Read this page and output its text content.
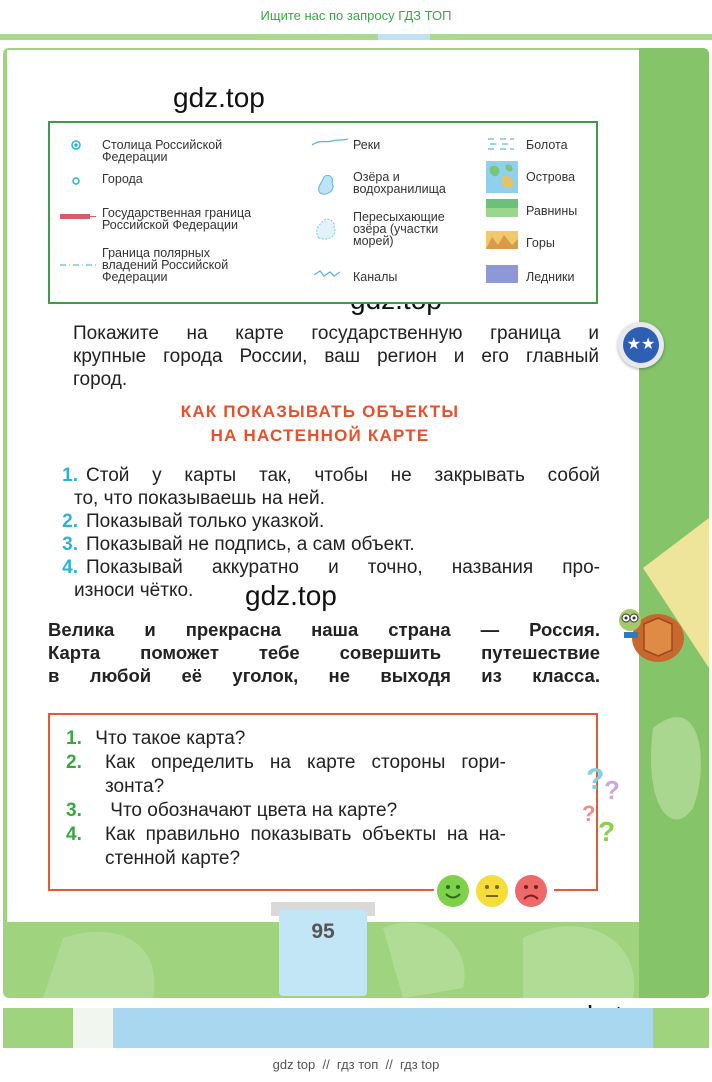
Ищите нас по запросу ГДЗ ТОП
gdz.top
gdz.top
Столица Российской
Федерации
Города
Государственная граница
Российской Федерации
Граница полярных
владений Российской
Федерации
Реки
Озёра и
водохранилища
Пересыхающие
озёра (участки
морей)
Каналы
Болота
Острова
Равнины
Горы
Ледники
★★
Покажите на карте государственную граница и
крупные города России, ваш регион и его главный
город.
КАК ПОКАЗЫВАТЬ ОБЪЕКТЫ
НА НАСТЕННОЙ КАРТЕ
1. Стой у карты так, чтобы не закрывать собой
то, что показываешь на ней.
2. Показывай только указкой.
3. Показывай не подпись, а сам объект.
4. Показывай аккуратно и точно, названия про-
износи чётко.
Велика и прекрасна наша страна — Россия.
Карта поможет тебе совершить путешествие
в любой её уголок, не выходя из класса.
1. Что такое карта?
2.	Как определить на карте стороны гори-
зонта?
3. Что обозначают цвета на карте?
4.	Как правильно показывать объекты на на-
стенной карте?
? ?
?
?
95
gdz top  //  гдз топ  //  гдз top
